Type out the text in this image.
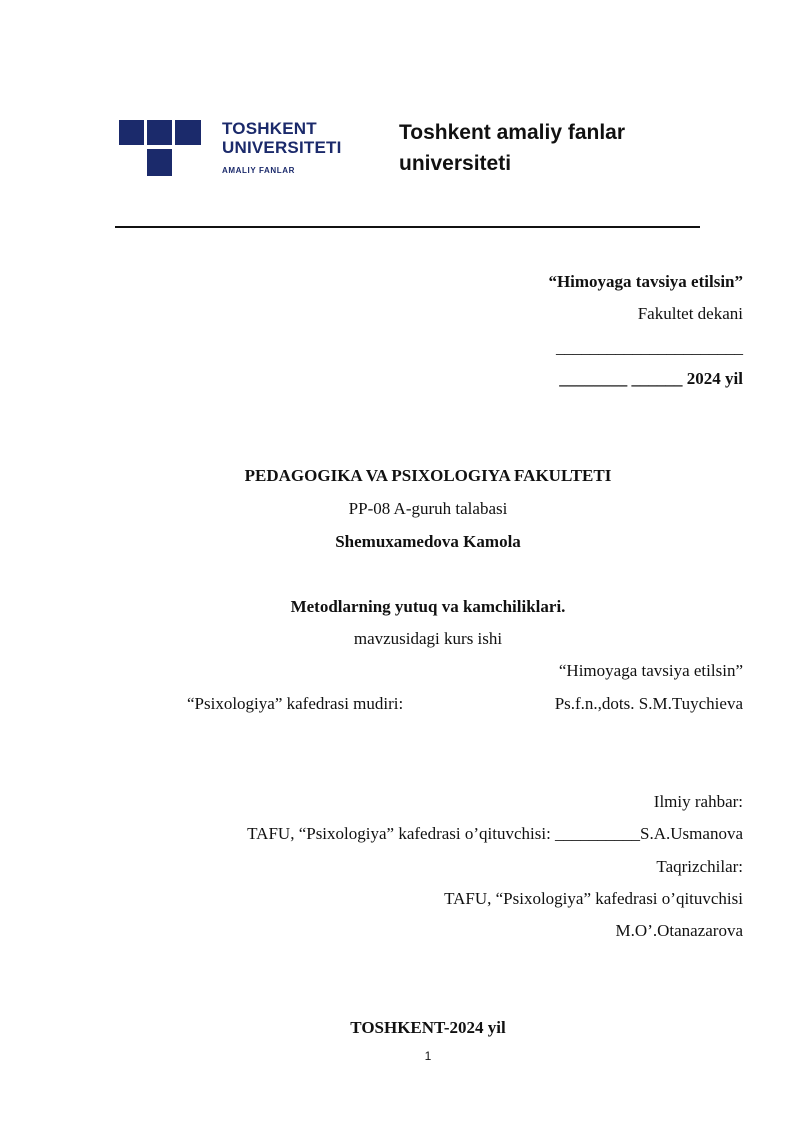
TOSHKENT
UNIVERSITETI
AMALIY FANLAR
Toshkent amaliy fanlar
universiteti
“Himoyaga tavsiya etilsin”
Fakultet dekani
______________________
________ ______ 2024 yil
PEDAGOGIKA VA PSIXOLOGIYA FAKULTETI
PP-08 A-guruh talabasi
Shemuxamedova Kamola
Metodlarning yutuq va kamchiliklari.
mavzusidagi kurs ishi
“Himoyaga tavsiya etilsin”
“Psixologiya” kafedrasi mudiri:	Ps.f.n.,dots. S.M.Tuychieva
Ilmiy rahbar:
TAFU, “Psixologiya” kafedrasi o’qituvchisi: __________S.A.Usmanova
Taqrizchilar:
TAFU, “Psixologiya” kafedrasi o’qituvchisi
M.O’.Otanazarova
TOSHKENT-2024 yil
1
